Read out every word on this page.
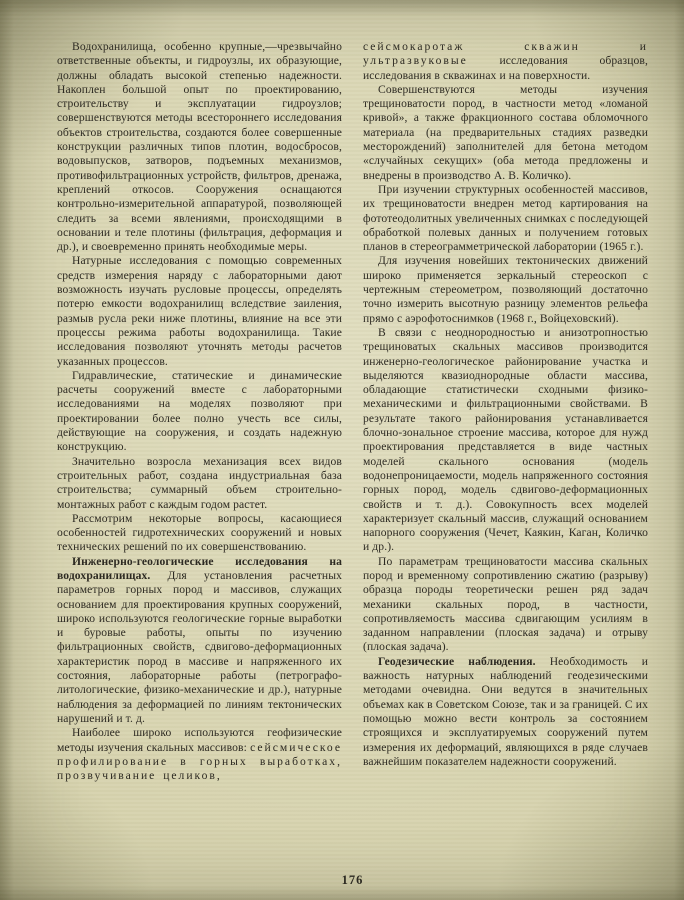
Водохранилища, особенно крупные,—чрезвычайно ответственные объекты, и гидроузлы, их образующие, должны обладать высокой степенью надежности. Накоплен большой опыт по проектированию, строительству и эксплуатации гидроузлов; совершенствуются методы всестороннего исследования объектов строительства, создаются более совершенные конструкции различных типов плотин, водосбросов, водовыпусков, затворов, подъемных механизмов, противофильтрационных устройств, фильтров, дренажа, креплений откосов. Сооружения оснащаются контрольно-измерительной аппаратурой, позволяющей следить за всеми явлениями, происходящими в основании и теле плотины (фильтрация, деформация и др.), и своевременно принять необходимые меры.

Натурные исследования с помощью современных средств измерения наряду с лабораторными дают возможность изучать русловые процессы, определять потерю емкости водохранилищ вследствие заиления, размыв русла реки ниже плотины, влияние на все эти процессы режима работы водохранилища. Такие исследования позволяют уточнять методы расчетов указанных процессов.

Гидравлические, статические и динамические расчеты сооружений вместе с лабораторными исследованиями на моделях позволяют при проектировании более полно учесть все силы, действующие на сооружения, и создать надежную конструкцию.

Значительно возросла механизация всех видов строительных работ, создана индустриальная база строительства; суммарный объем строительно-монтажных работ с каждым годом растет.

Рассмотрим некоторые вопросы, касающиеся особенностей гидротехнических сооружений и новых технических решений по их совершенствованию.

Инженерно-геологические исследования на водохранилищах. Для установления расчетных параметров горных пород и массивов, служащих основанием для проектирования крупных сооружений, широко используются геологические горные выработки и буровые работы, опыты по изучению фильтрационных свойств, сдвигово-деформационных характеристик пород в массиве и напряженного их состояния, лабораторные работы (петрографо-литологические, физико-механические и др.), натурные наблюдения за деформацией по линиям тектонических нарушений и т. д.

Наиболее широко используются геофизические методы изучения скальных массивов: сейсмическое профилирование в горных выработках, прозвучивание целиков,

сейсмокаротаж скважин и ультразвуковые исследования образцов, исследования в скважинах и на поверхности.

Совершенствуются методы изучения трещиноватости пород, в частности метод «ломаной кривой», а также фракционного состава обломочного материала (на предварительных стадиях разведки месторождений) заполнителей для бетона методом «случайных секущих» (оба метода предложены и внедрены в производство А. В. Количко).

При изучении структурных особенностей массивов, их трещиноватости внедрен метод картирования на фототеодолитных увеличенных снимках с последующей обработкой полевых данных и получением готовых планов в стереограмметрической лаборатории (1965 г.).

Для изучения новейших тектонических движений широко применяется зеркальный стереоскоп с чертежным стереометром, позволяющий достаточно точно измерить высотную разницу элементов рельефа прямо с аэрофотоснимков (1968 г., Войцеховский).

В связи с неоднородностью и анизотропностью трещиноватых скальных массивов производится инженерно-геологическое районирование участка и выделяются квазиоднородные области массива, обладающие статистически сходными физико-механическими и фильтрационными свойствами. В результате такого районирования устанавливается блочно-зональное строение массива, которое для нужд проектирования представляется в виде частных моделей скального основания (модель водонепроницаемости, модель напряженного состояния горных пород, модель сдвигово-деформационных свойств и т. д.). Совокупность всех моделей характеризует скальный массив, служащий основанием напорного сооружения (Чечет, Каякин, Каган, Количко и др.).

По параметрам трещиноватости массива скальных пород и временному сопротивлению сжатию (разрыву) образца породы теоретически решен ряд задач механики скальных пород, в частности, сопротивляемость массива сдвигающим усилиям в заданном направлении (плоская задача) и отрыву (плоская задача).

Геодезические наблюдения. Необходимость и важность натурных наблюдений геодезическими методами очевидна. Они ведутся в значительных объемах как в Советском Союзе, так и за границей. С их помощью можно вести контроль за состоянием строящихся и эксплуатируемых сооружений путем измерения их деформаций, являющихся в ряде случаев важнейшим показателем надежности сооружений.

176
